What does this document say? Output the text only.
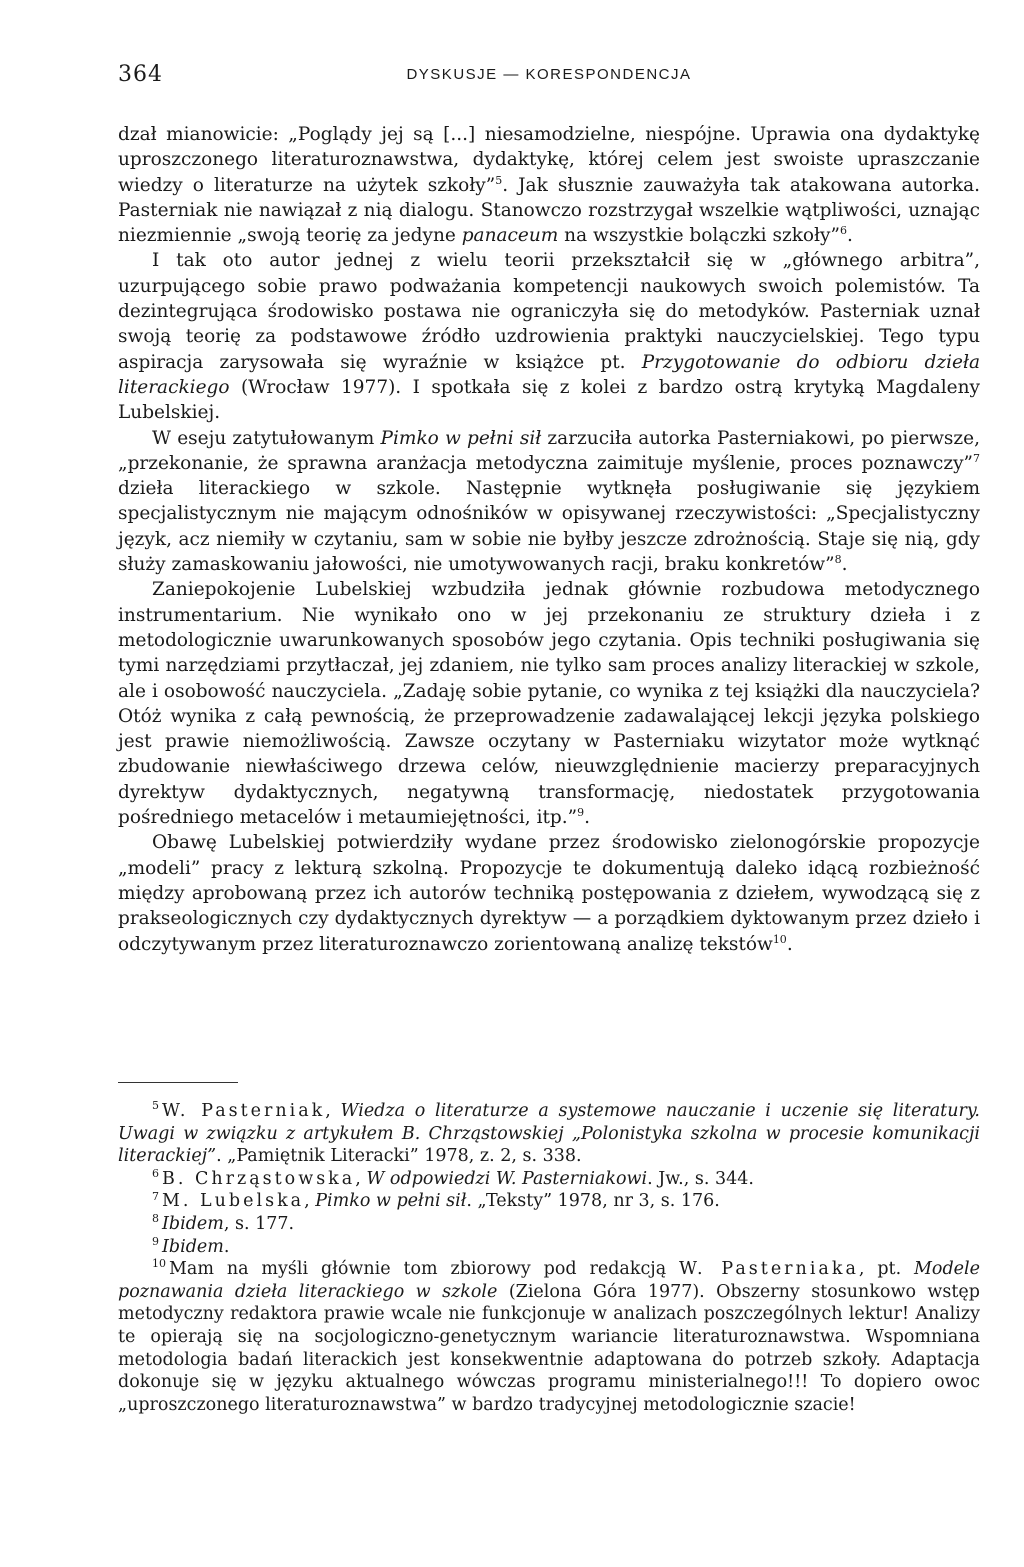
364	DYSKUSJE — KORESPONDENCJA

dzał mianowicie: „Poglądy jej są [...] niesamodzielne, niespójne. Uprawia ona dydaktykę uproszczonego literaturoznawstwa, dydaktykę, której celem jest swoiste upraszczanie wiedzy o literaturze na użytek szkoły”$^5$. Jak słusznie zauważyła tak atakowana autorka. Pasterniak nie nawiązał z nią dialogu. Stanowczo rozstrzygał wszelkie wątpliwości, uznając niezmiennie „swoją teorię za jedyne panaceum na wszystkie bolączki szkoły”$^6$.

I tak oto autor jednej z wielu teorii przekształcił się w „głównego arbitra”, uzurpującego sobie prawo podważania kompetencji naukowych swoich polemistów. Ta dezintegrująca środowisko postawa nie ograniczyła się do metodyków. Pasterniak uznał swoją teorię za podstawowe źródło uzdrowienia praktyki nauczycielskiej. Tego typu aspiracja zarysowała się wyraźnie w książce pt. Przygotowanie do odbioru dzieła literackiego (Wrocław 1977). I spotkała się z kolei z bardzo ostrą krytyką Magdaleny Lubelskiej.

W eseju zatytułowanym Pimko w pełni sił zarzuciła autorka Pasterniakowi, po pierwsze, „przekonanie, że sprawna aranżacja metodyczna zaimituje myślenie, proces poznawczy”$^7$ dzieła literackiego w szkole. Następnie wytknęła posługiwanie się językiem specjalistycznym nie mającym odnośników w opisywanej rzeczywistości: „Specjalistyczny język, acz niemiły w czytaniu, sam w sobie nie byłby jeszcze zdrożnością. Staje się nią, gdy służy zamaskowaniu jałowości, nie umotywowanych racji, braku konkretów”$^8$.

Zaniepokojenie Lubelskiej wzbudziła jednak głównie rozbudowa metodycznego instrumentarium. Nie wynikało ono w jej przekonaniu ze struktury dzieła i z metodologicznie uwarunkowanych sposobów jego czytania. Opis techniki posługiwania się tymi narzędziami przytłaczał, jej zdaniem, nie tylko sam proces analizy literackiej w szkole, ale i osobowość nauczyciela. „Zadaję sobie pytanie, co wynika z tej książki dla nauczyciela? Otóż wynika z całą pewnością, że przeprowadzenie zadawalającej lekcji języka polskiego jest prawie niemożliwością. Zawsze oczytany w Pasterniaku wizytator może wytknąć zbudowanie niewłaściwego drzewa celów, nieuwzględnienie macierzy preparacyjnych dyrektyw dydaktycznych, negatywną transformację, niedostatek przygotowania pośredniego metacelów i metaumiejętności, itp.”$^9$.

Obawę Lubelskiej potwierdziły wydane przez środowisko zielonogórskie propozycje „modeli” pracy z lekturą szkolną. Propozycje te dokumentują daleko idącą rozbieżność między aprobowaną przez ich autorów techniką postępowania z dziełem, wywodzącą się z prakseologicznych czy dydaktycznych dyrektyw — a porządkiem dyktowanym przez dzieło i odczytywanym przez literaturoznawczo zorientowaną analizę tekstów$^{10}$.

$^5$ W. Pasterniak, Wiedza o literaturze a systemowe nauczanie i uczenie się literatury. Uwagi w związku z artykułem B. Chrząstowskiej „Polonistyka szkolna w procesie komunikacji literackiej”. „Pamiętnik Literacki” 1978, z. 2, s. 338.

$^6$ B. Chrząstowska, W odpowiedzi W. Pasterniakowi. Jw., s. 344.

$^7$ M. Lubelska, Pimko w pełni sił. „Teksty” 1978, nr 3, s. 176.

$^8$ Ibidem, s. 177.

$^9$ Ibidem.

$^{10}$ Mam na myśli głównie tom zbiorowy pod redakcją W. Pasterniaka, pt. Modele poznawania dzieła literackiego w szkole (Zielona Góra 1977). Obszerny stosunkowo wstęp metodyczny redaktora prawie wcale nie funkcjonuje w analizach poszczególnych lektur! Analizy te opierają się na socjologiczno-genetycznym wariancie literaturoznawstwa. Wspomniana metodologia badań literackich jest konsekwentnie adaptowana do potrzeb szkoły. Adaptacja dokonuje się w języku aktualnego wówczas programu ministerialnego!!! To dopiero owoc „uproszczonego literaturoznawstwa” w bardzo tradycyjnej metodologicznie szacie!
